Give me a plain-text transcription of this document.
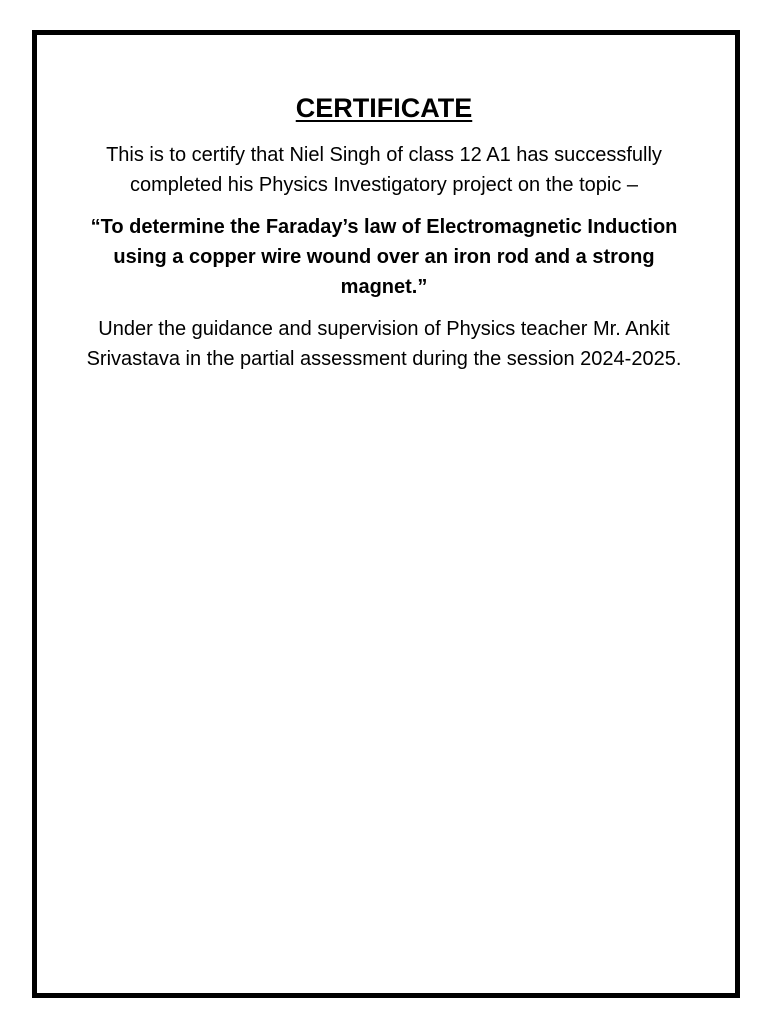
CERTIFICATE

This is to certify that Niel Singh of class 12 A1 has successfully completed his Physics Investigatory project on the topic –

“To determine the Faraday’s law of Electromagnetic Induction using a copper wire wound over an iron rod and a strong magnet.”

Under the guidance and supervision of Physics teacher Mr. Ankit Srivastava in the partial assessment during the session 2024-2025.
